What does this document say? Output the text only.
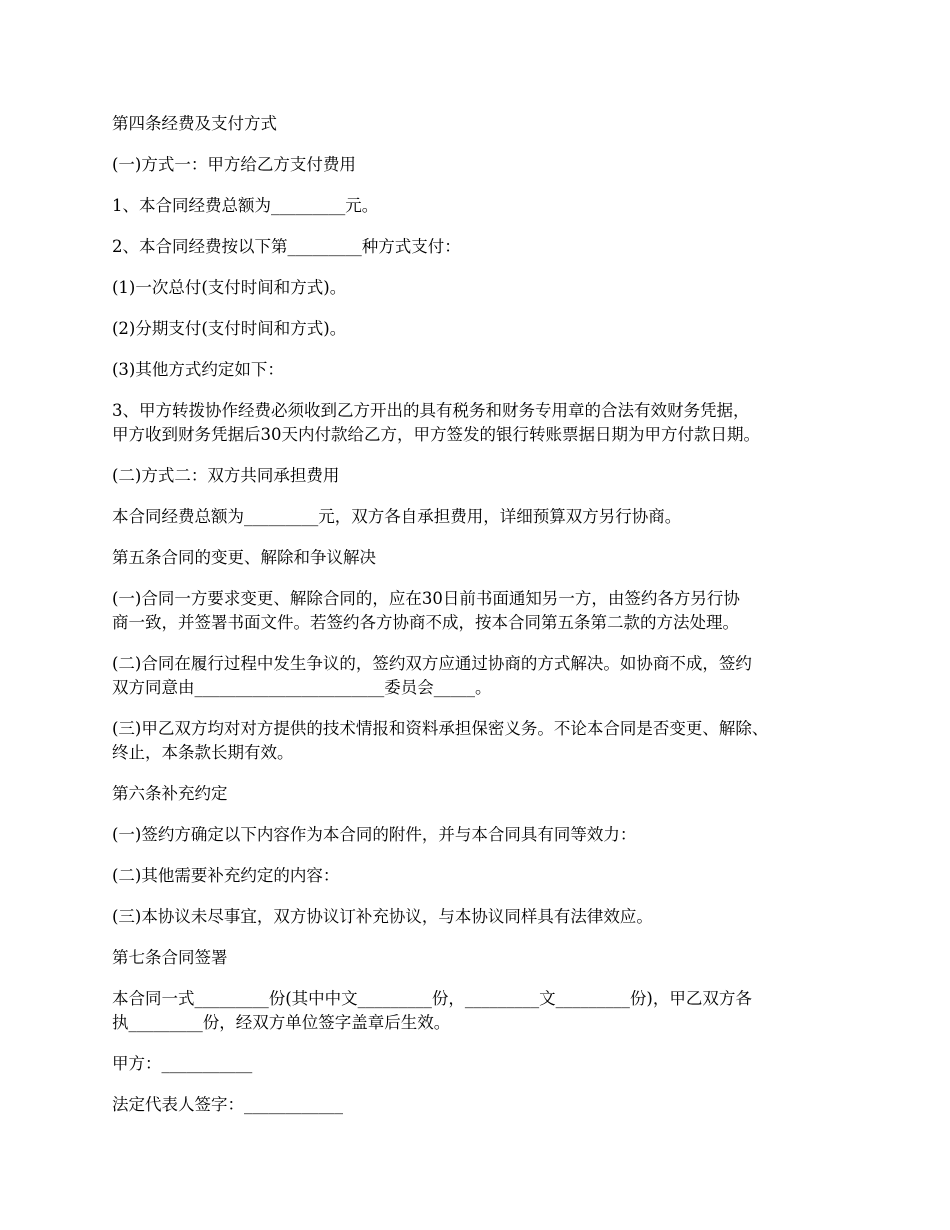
第四条经费及支付方式

(一)方式一：甲方给乙方支付费用

1、本合同经费总额为_________元。

2、本合同经费按以下第_________种方式支付：

(1)一次总付(支付时间和方式)。

(2)分期支付(支付时间和方式)。

(3)其他方式约定如下：

3、甲方转拨协作经费必须收到乙方开出的具有税务和财务专用章的合法有效财务凭据，
甲方收到财务凭据后30天内付款给乙方，甲方签发的银行转账票据日期为甲方付款日期。

(二)方式二：双方共同承担费用

本合同经费总额为_________元，双方各自承担费用，详细预算双方另行协商。

第五条合同的变更、解除和争议解决

(一)合同一方要求变更、解除合同的，应在30日前书面通知另一方，由签约各方另行协
商一致，并签署书面文件。若签约各方协商不成，按本合同第五条第二款的方法处理。

(二)合同在履行过程中发生争议的，签约双方应通过协商的方式解决。如协商不成，签约
双方同意由_______________________委员会_____。

(三)甲乙双方均对对方提供的技术情报和资料承担保密义务。不论本合同是否变更、解除、
终止，本条款长期有效。

第六条补充约定

(一)签约方确定以下内容作为本合同的附件，并与本合同具有同等效力：

(二)其他需要补充约定的内容：

(三)本协议未尽事宜，双方协议订补充协议，与本协议同样具有法律效应。

第七条合同签署

本合同一式_________份(其中中文_________份，_________文_________份)，甲乙双方各
执_________份，经双方单位签字盖章后生效。

甲方：___________

法定代表人签字：____________
